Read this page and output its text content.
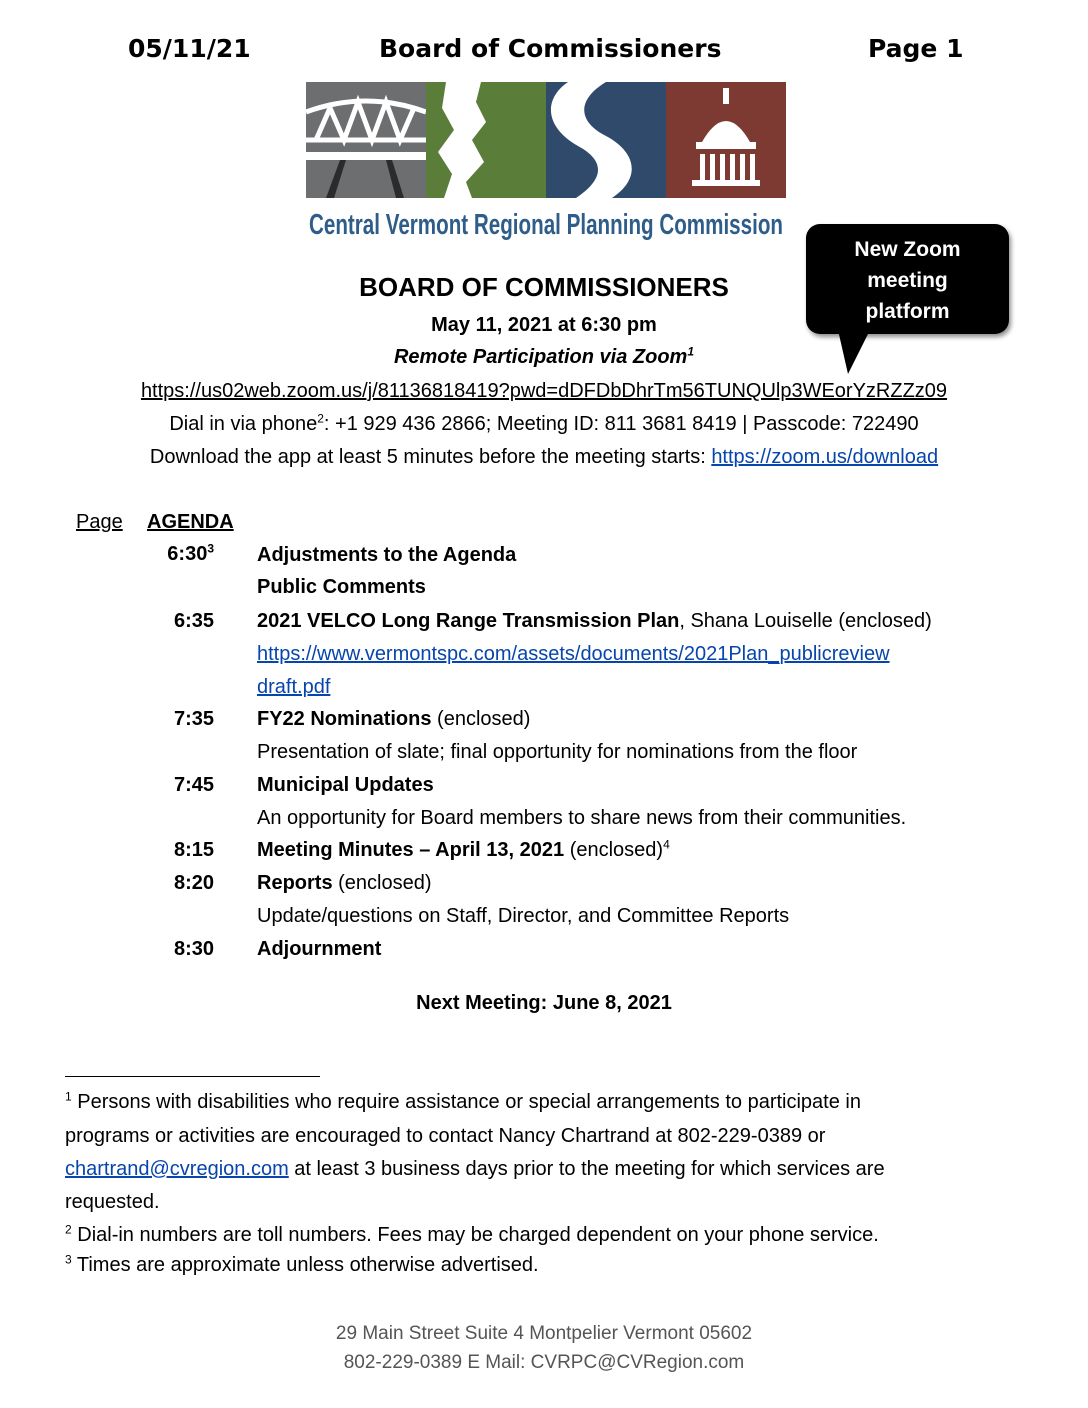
05/11/21	Board of Commissioners	Page 1
Central Vermont Regional Planning Commission
New Zoom
meeting
platform
BOARD OF COMMISSIONERS
May 11, 2021 at 6:30 pm
Remote Participation via Zoom$^1$
https://us02web.zoom.us/j/81136818419?pwd=dDFDbDhrTm56TUNQUlp3WEorYzRZZz09
Dial in via phone$^2$: +1 929 436 2866; Meeting ID: 811 3681 8419 | Passcode: 722490
Download the app at least 5 minutes before the meeting starts: https://zoom.us/download
Page AGENDA
$6:30^3$ Adjustments to the Agenda
Public Comments
6:35 2021 VELCO Long Range Transmission Plan, Shana Louiselle (enclosed)
https://www.vermontspc.com/assets/documents/2021Plan_publicreview
draft.pdf
7:35 FY22 Nominations (enclosed)
Presentation of slate; final opportunity for nominations from the floor
7:45 Municipal Updates
An opportunity for Board members to share news from their communities.
8:15 Meeting Minutes – April 13, 2021 (enclosed)$^4$
8:20 Reports (enclosed)
Update/questions on Staff, Director, and Committee Reports
8:30 Adjournment
Next Meeting: June 8, 2021
$^1$ Persons with disabilities who require assistance or special arrangements to participate in
programs or activities are encouraged to contact Nancy Chartrand at 802-229-0389 or
chartrand@cvregion.com at least 3 business days prior to the meeting for which services are
requested.
$^2$ Dial-in numbers are toll numbers. Fees may be charged dependent on your phone service.
$^3$ Times are approximate unless otherwise advertised.
29 Main Street Suite 4 Montpelier Vermont 05602
802-229-0389 E Mail: CVRPC@CVRegion.com
